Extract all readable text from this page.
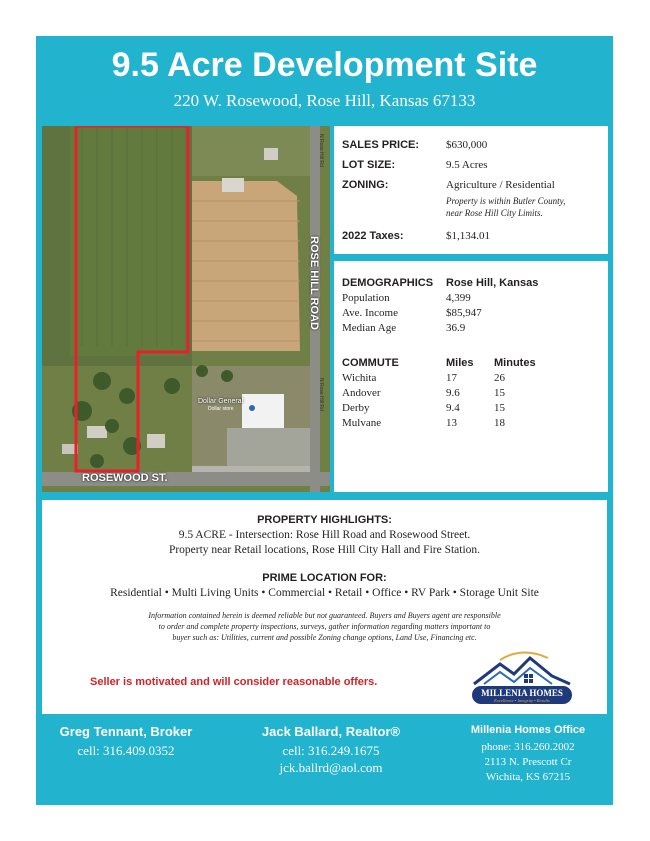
9.5 Acre Development Site
220 W. Rosewood, Rose Hill, Kansas 67133
ROSE HILL ROAD
N Rose Hill Rd
N Rose Hill Rd
ROSEWOOD ST.
Dollar General
Dollar store
SALES PRICE: $630,000
LOT SIZE:	9.5 Acres
ZONING:	Agriculture / Residential
Property is within Butler County,
near Rose Hill City Limits.
2022 Taxes:	$1,134.01
DEMOGRAPHICS Rose Hill, Kansas
Population	4,399
Ave. Income	$85,947
Median Age	36.9
COMMUTE	Miles Minutes
Wichita	17	26
Andover	9.6	15
Derby	9.4	15
Mulvane	13	18
PROPERTY HIGHLIGHTS:
9.5 ACRE - Intersection: Rose Hill Road and Rosewood Street.
Property near Retail locations, Rose Hill City Hall and Fire Station.
PRIME LOCATION FOR:
Residential • Multi Living Units • Commercial • Retail • Office • RV Park • Storage Unit Site
Information contained herein is deemed reliable but not guaranteed. Buyers and Buyers agent are responsible
to order and complete property inspections, surveys, gather information regarding matters important to
buyer such as: Utilities, current and possible Zoning change options, Land Use, Financing etc.
Seller is motivated and will consider reasonable offers.
MILLENIA HOMES
Excellence • Integrity • Results
Greg Tennant, Broker
cell: 316.409.0352
Jack Ballard, Realtor®
cell: 316.249.1675
jck.ballrd@aol.com
Millenia Homes Office
phone: 316.260.2002
2113 N. Prescott Cr
Wichita, KS 67215
